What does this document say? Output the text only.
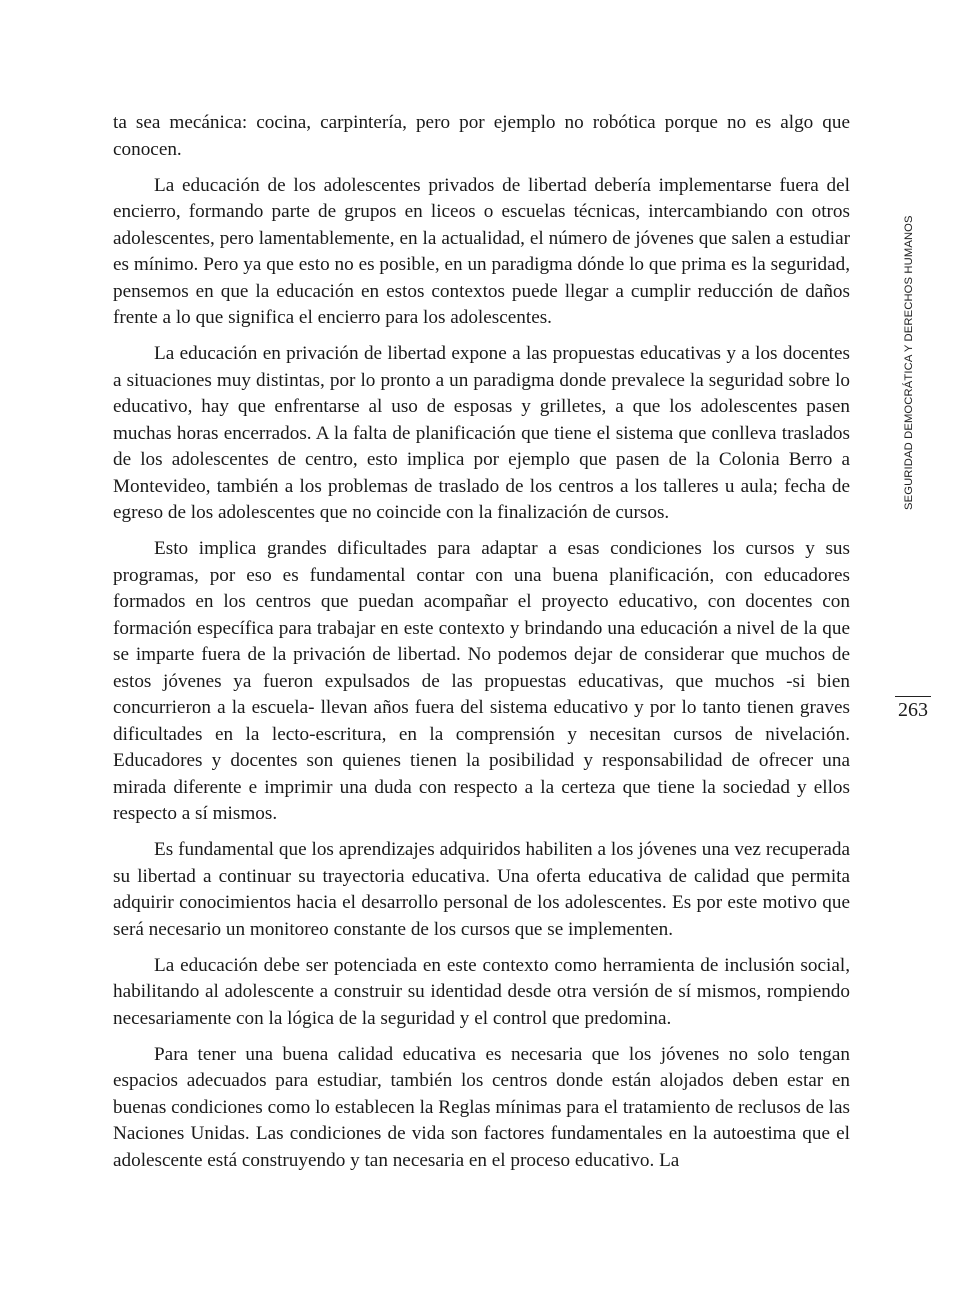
ta sea mecánica: cocina, carpintería, pero por ejemplo no robótica porque no es algo que conocen.

La educación de los adolescentes privados de libertad debería implementarse fuera del encierro, formando parte de grupos en liceos o escuelas técnicas, intercambiando con otros adolescentes, pero lamentablemente, en la actualidad, el número de jóvenes que salen a estudiar es mínimo. Pero ya que esto no es posible, en un paradigma dónde lo que prima es la seguridad, pensemos en que la educación en estos contextos puede llegar a cumplir reducción de daños frente a lo que significa el encierro para los adolescentes.

La educación en privación de libertad expone a las propuestas educativas y a los docentes a situaciones muy distintas, por lo pronto a un paradigma donde prevalece la seguridad sobre lo educativo, hay que enfrentarse al uso de esposas y grilletes, a que los adolescentes pasen muchas horas encerrados. A la falta de planificación que tiene el sistema que conlleva traslados de los adolescentes de centro, esto implica por ejemplo que pasen de la Colonia Berro a Montevideo, también a los problemas de traslado de los centros a los talleres u aula; fecha de egreso de los adolescentes que no coincide con la finalización de cursos.

Esto implica grandes dificultades para adaptar a esas condiciones los cursos y sus programas, por eso es fundamental contar con una buena planificación, con educadores formados en los centros que puedan acompañar el proyecto educativo, con docentes con formación específica para trabajar en este contexto y brindando una educación a nivel de la que se imparte fuera de la privación de libertad. No podemos dejar de considerar que muchos de estos jóvenes ya fueron expulsados de las propuestas educativas, que muchos -si bien concurrieron a la escuela- llevan años fuera del sistema educativo y por lo tanto tienen graves dificultades en la lecto-escritura, en la comprensión y necesitan cursos de nivelación. Educadores y docentes son quienes tienen la posibilidad y responsabilidad de ofrecer una mirada diferente e imprimir una duda con respecto a la certeza que tiene la sociedad y ellos respecto a sí mismos.

Es fundamental que los aprendizajes adquiridos habiliten a los jóvenes una vez recuperada su libertad a continuar su trayectoria educativa. Una oferta educativa de calidad que permita adquirir conocimientos hacia el desarrollo personal de los adolescentes. Es por este motivo que será necesario un monitoreo constante de los cursos que se implementen.

La educación debe ser potenciada en este contexto como herramienta de inclusión social, habilitando al adolescente a construir su identidad desde otra versión de sí mismos, rompiendo necesariamente con la lógica de la seguridad y el control que predomina.

Para tener una buena calidad educativa es necesaria que los jóvenes no solo tengan espacios adecuados para estudiar, también los centros donde están alojados deben estar en buenas condiciones como lo establecen la Reglas mínimas para el tratamiento de reclusos de las Naciones Unidas. Las condiciones de vida son factores fundamentales en la autoestima que el adolescente está construyendo y tan necesaria en el proceso educativo. La

SEGURIDAD DEMOCRÁTICA Y DERECHOS HUMANOS
263
